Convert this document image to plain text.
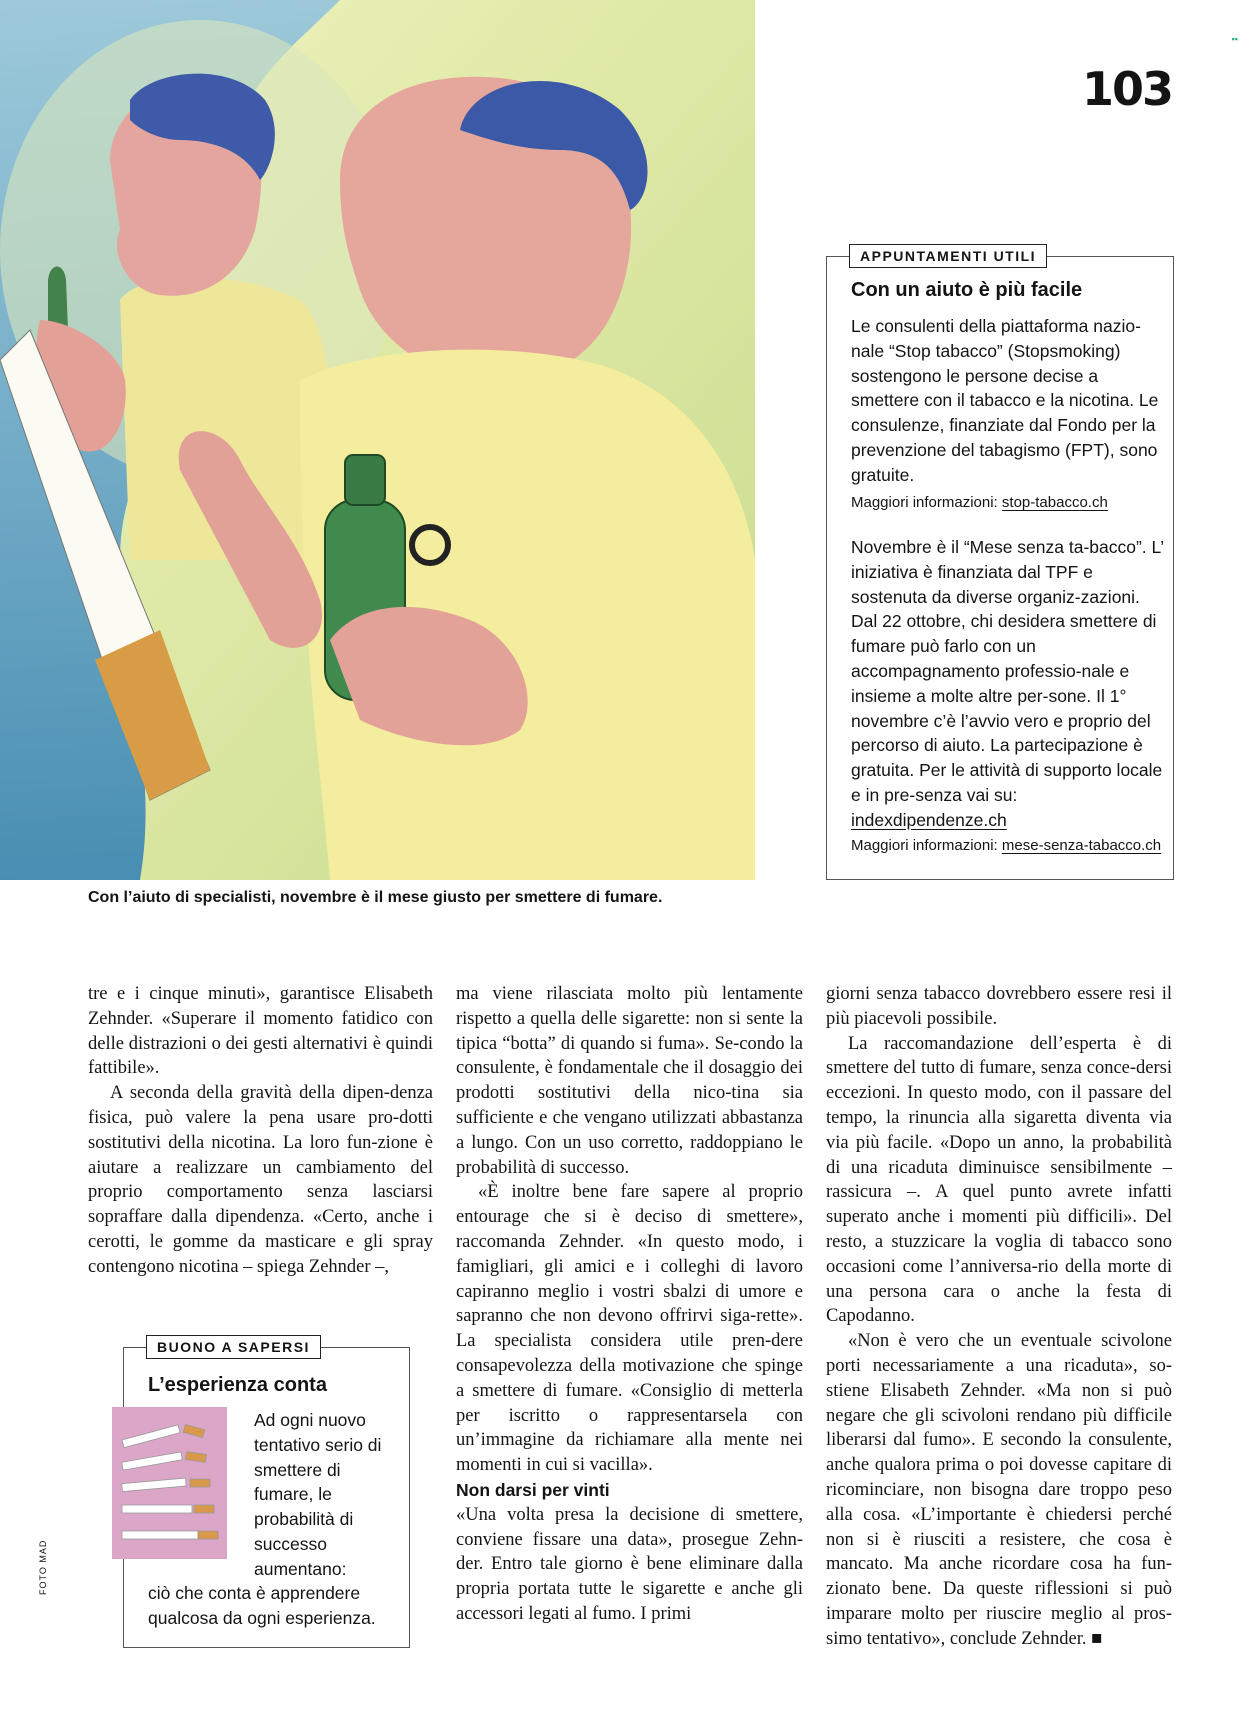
▪▪
103
Con l’aiuto di specialisti, novembre è il mese giusto per smettere di fumare.
APPUNTAMENTI UTILI
Con un aiuto è più facile
Le consulenti della piattaforma nazio-nale “Stop tabacco” (Stopsmoking) sostengono le persone decise a smettere con il tabacco e la nicotina. Le consulenze, finanziate dal Fondo per la prevenzione del tabagismo (FPT), sono gratuite.
Maggiori informazioni: stop-tabacco.ch
Novembre è il “Mese senza ta-bacco”. L’ iniziativa è finanziata dal TPF e sostenuta da diverse organiz-zazioni. Dal 22 ottobre, chi desidera smettere di fumare può farlo con un accompagnamento professio-nale e insieme a molte altre per-sone. Il 1° novembre c’è l’avvio vero e proprio del percorso di aiuto. La partecipazione è gratuita. Per le attività di supporto locale e in pre-senza vai su: indexdipendenze.ch
Maggiori informazioni: mese-senza-tabacco.ch

tre e i cinque minuti», garantisce Elisabeth Zehnder. «Superare il momento fatidico con delle distrazioni o dei gesti alternativi è quindi fattibile».

A seconda della gravità della dipen-denza fisica, può valere la pena usare pro-dotti sostitutivi della nicotina. La loro fun-zione è aiutare a realizzare un cambiamento del proprio comportamento senza lasciarsi sopraffare dalla dipendenza. «Certo, anche i cerotti, le gomme da masticare e gli spray contengono nicotina – spiega Zehnder –,

BUONO A SAPERSI
L’esperienza conta
Ad ogni nuovo tentativo serio di smettere di fumare, le probabilità di successo aumentano:
ciò che conta è apprendere qualcosa da ogni esperienza.

ma viene rilasciata molto più lentamente rispetto a quella delle sigarette: non si sente la tipica “botta” di quando si fuma». Se-condo la consulente, è fondamentale che il dosaggio dei prodotti sostitutivi della nico-tina sia sufficiente e che vengano utilizzati abbastanza a lungo. Con un uso corretto, raddoppiano le probabilità di successo.

«È inoltre bene fare sapere al proprio entourage che si è deciso di smettere», raccomanda Zehnder. «In questo modo, i famigliari, gli amici e i colleghi di lavoro capiranno meglio i vostri sbalzi di umore e sapranno che non devono offrirvi siga-rette». La specialista considera utile pren-dere consapevolezza della motivazione che spinge a smettere di fumare. «Consiglio di metterla per iscritto o rappresentarsela con un’immagine da richiamare alla mente nei momenti in cui si vacilla».

Non darsi per vinti

«Una volta presa la decisione di smettere, conviene fissare una data», prosegue Zehn-der. Entro tale giorno è bene eliminare dalla propria portata tutte le sigarette e anche gli accessori legati al fumo. I primi

giorni senza tabacco dovrebbero essere resi il più piacevoli possibile.

La raccomandazione dell’esperta è di smettere del tutto di fumare, senza conce-dersi eccezioni. In questo modo, con il passare del tempo, la rinuncia alla sigaretta diventa via via più facile. «Dopo un anno, la probabilità di una ricaduta diminuisce sensibilmente – rassicura –. A quel punto avrete infatti superato anche i momenti più difficili». Del resto, a stuzzicare la voglia di tabacco sono occasioni come l’anniversa-rio della morte di una persona cara o anche la festa di Capodanno.

«Non è vero che un eventuale scivolone porti necessariamente a una ricaduta», so-stiene Elisabeth Zehnder. «Ma non si può negare che gli scivoloni rendano più difficile liberarsi dal fumo». E secondo la consulente, anche qualora prima o poi dovesse capitare di ricominciare, non bisogna dare troppo peso alla cosa. «L’importante è chiedersi perché non si è riusciti a resistere, che cosa è mancato. Ma anche ricordare cosa ha fun-zionato bene. Da queste riflessioni si può imparare molto per riuscire meglio al pros-simo tentativo», conclude Zehnder. ■

FOTO MAD
